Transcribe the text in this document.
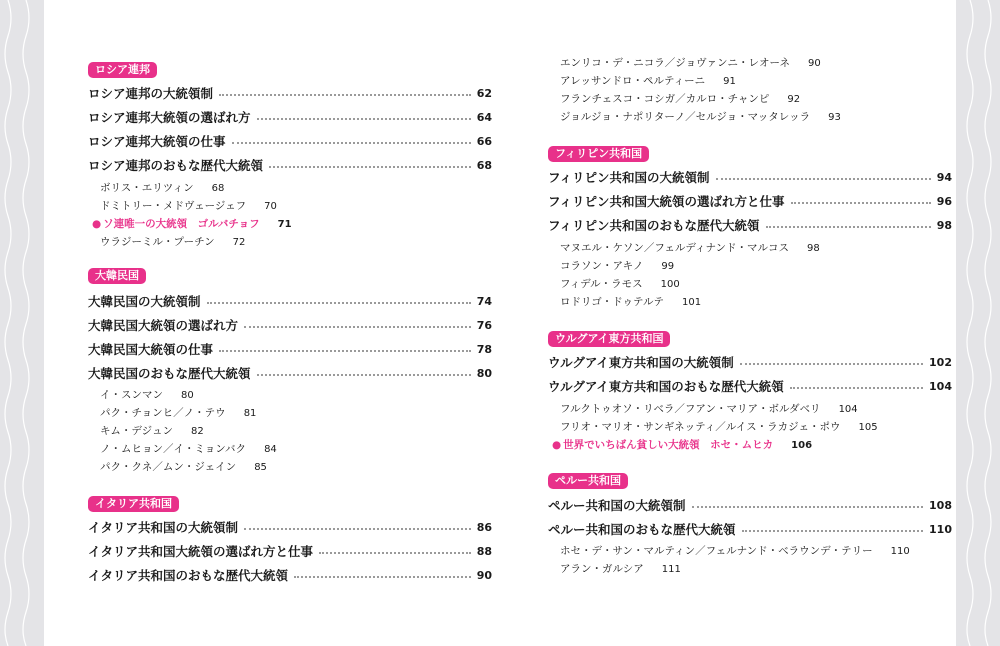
ロシア連邦
ロシア連邦の大統領制	62
ロシア連邦大統領の選ばれ方	64
ロシア連邦大統領の仕事	66
ロシア連邦のおもな歴代大統領	68
ボリス・エリツィン 68
ドミトリー・メドヴェージェフ 70
● ソ連唯一の大統領　ゴルバチョフ 71
ウラジーミル・プーチン 72
大韓民国
大韓民国の大統領制	74
大韓民国大統領の選ばれ方	76
大韓民国大統領の仕事	78
大韓民国のおもな歴代大統領	80
イ・スンマン 80
パク・チョンヒ／ノ・テウ 81
キム・デジュン 82
ノ・ムヒョン／イ・ミョンバク 84
パク・クネ／ムン・ジェイン 85
イタリア共和国
イタリア共和国の大統領制	86
イタリア共和国大統領の選ばれ方と仕事	88
イタリア共和国のおもな歴代大統領	90
エンリコ・デ・ニコラ／ジョヴァンニ・レオーネ 90
アレッサンドロ・ペルティーニ 91
フランチェスコ・コシガ／カルロ・チャンピ 92
ジョルジョ・ナポリターノ／セルジョ・マッタレッラ 93
フィリピン共和国
フィリピン共和国の大統領制	94
フィリピン共和国大統領の選ばれ方と仕事	96
フィリピン共和国のおもな歴代大統領	98
マヌエル・ケソン／フェルディナンド・マルコス 98
コラソン・アキノ 99
フィデル・ラモス 100
ロドリゴ・ドゥテルテ 101
ウルグアイ東方共和国
ウルグアイ東方共和国の大統領制	102
ウルグアイ東方共和国のおもな歴代大統領	104
フルクトゥオソ・リベラ／フアン・マリア・ボルダベリ 104
フリオ・マリオ・サンギネッティ／ルイス・ラカジェ・ポウ 105
● 世界でいちばん貧しい大統領　ホセ・ムヒカ 106
ペルー共和国
ペルー共和国の大統領制	108
ペルー共和国のおもな歴代大統領	110
ホセ・デ・サン・マルティン／フェルナンド・ベラウンデ・テリー 110
アラン・ガルシア 111
